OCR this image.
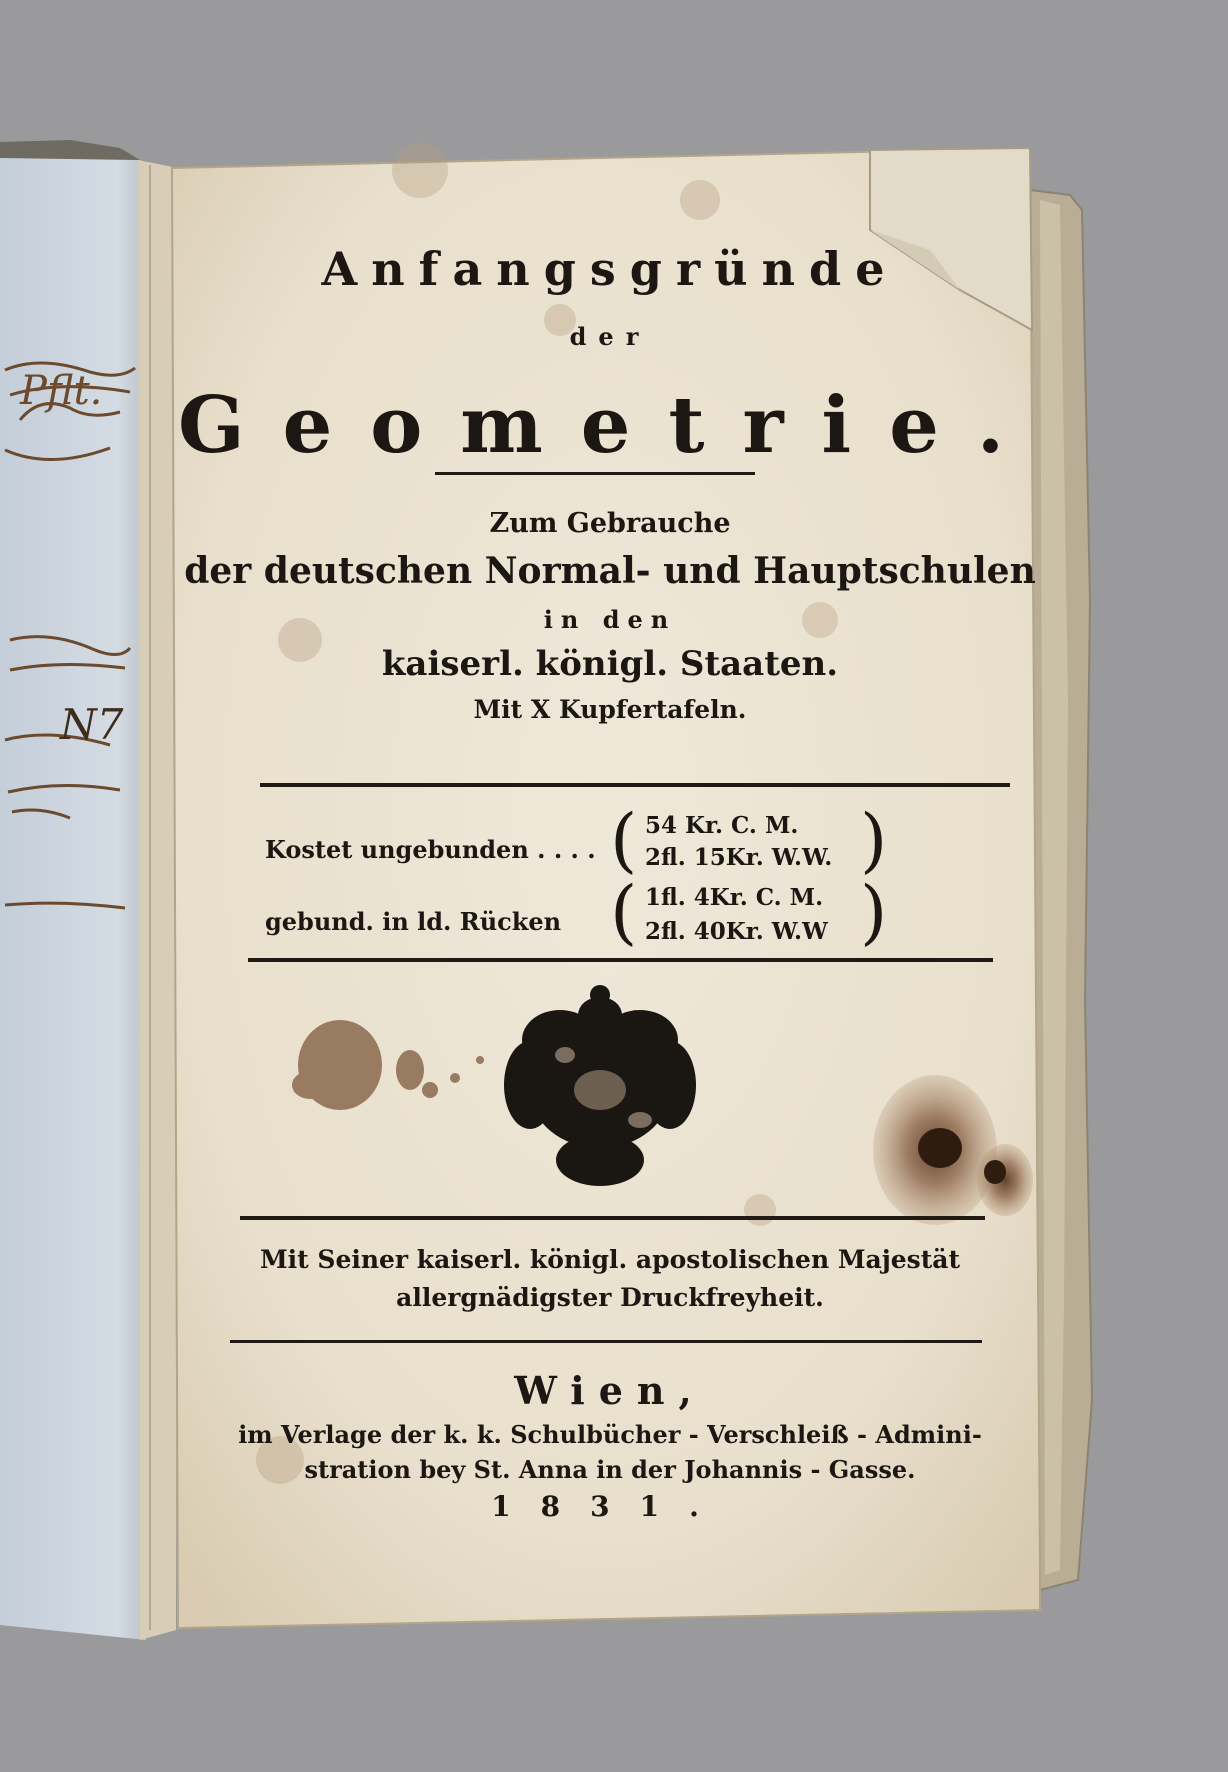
Anfangsgründe
der
Geometrie.
Zum Gebrauche
der deutschen Normal- und Hauptschulen
in den
kaiserl. königl. Staaten.
Mit X Kupfertafeln.
Kostet ungebunden . . . . ( 54 Kr. C. M.
2fl. 15Kr. W.W. )
gebund. in ld. Rücken ( 1fl. 4Kr. C. M.
2fl. 40Kr. W.W )
Mit Seiner kaiserl. königl. apostolischen Majestät
allergnädigster Druckfreyheit.
Wien,
im Verlage der k. k. Schulbücher - Verschleiß - Admini-
stration bey St. Anna in der Johannis - Gasse.
1831.
Pflt.
N7
